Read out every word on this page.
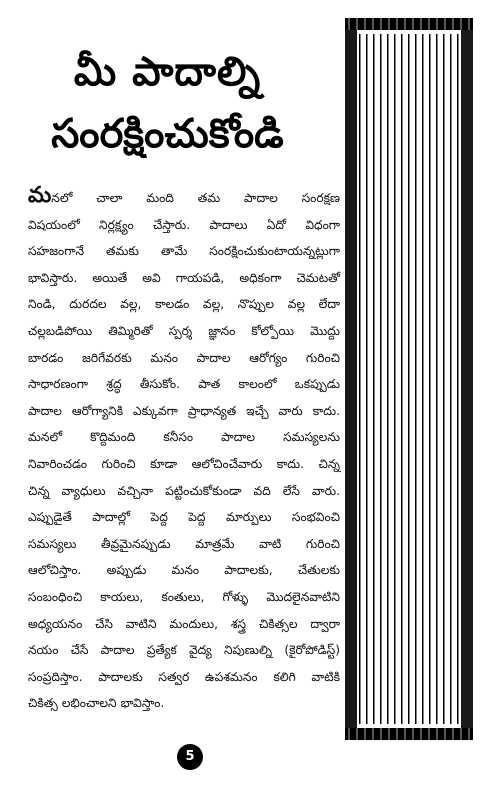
మీ పాదాల్ని
సంరక్షించుకోండి
మనలో చాలా మంది తమ పాదాల సంరక్షణ
విషయంలో నిర్లక్ష్యం చేస్తారు. పాదాలు ఏదో విధంగా
సహజంగానే తమకు తామే సంరక్షించుకుంటాయన్నట్లుగా
భావిస్తారు. అయితే అవి గాయపడి, అధికంగా చెమటతో
నిండి, దురదల వల్ల, కాలడం వల్ల, నొప్పుల వల్ల లేదా
చల్లబడిపోయి తిమ్మిరితో స్పర్శ జ్ఞానం కోల్పోయి మొద్దు
బారడం జరిగేవరకు మనం పాదాల ఆరోగ్యం గురించి
సాధారణంగా శ్రద్ధ తీసుకోం. పాత కాలంలో ఒకప్పుడు
పాదాల ఆరోగ్యానికి ఎక్కువగా ప్రాధాన్యత ఇచ్చే వారు కాదు.
మనలో కొద్దిమంది కనీసం పాదాల సమస్యలను
నివారించడం గురించి కూడా ఆలోచించేవారు కాదు. చిన్న
చిన్న వ్యాధులు వచ్చినా పట్టించుకోకుండా వది లేసే వారు.
ఎప్పుడైతే పాదాల్లో పెద్ద పెద్ద మార్పులు సంభవించి
సమస్యలు తీవ్రమైనప్పుడు మాత్రమే వాటి గురించి
ఆలోచిస్తాం. అప్పుడు మనం పాదాలకు, చేతులకు
సంబంధించి కాయలు, కంతులు, గోళ్ళు మొదలైనవాటిని
అధ్యయనం చేసి వాటిని మందులు, శస్త్ర చికిత్సల ద్వారా
నయం చేసే పాదాల ప్రత్యేక వైద్య నిపుణుల్ని (కైరోపోడిస్ట్)
సంప్రదిస్తాం. పాదాలకు సత్వర ఉపశమనం కలిగి వాటికి
చికిత్స లభించాలని భావిస్తాం.
5
